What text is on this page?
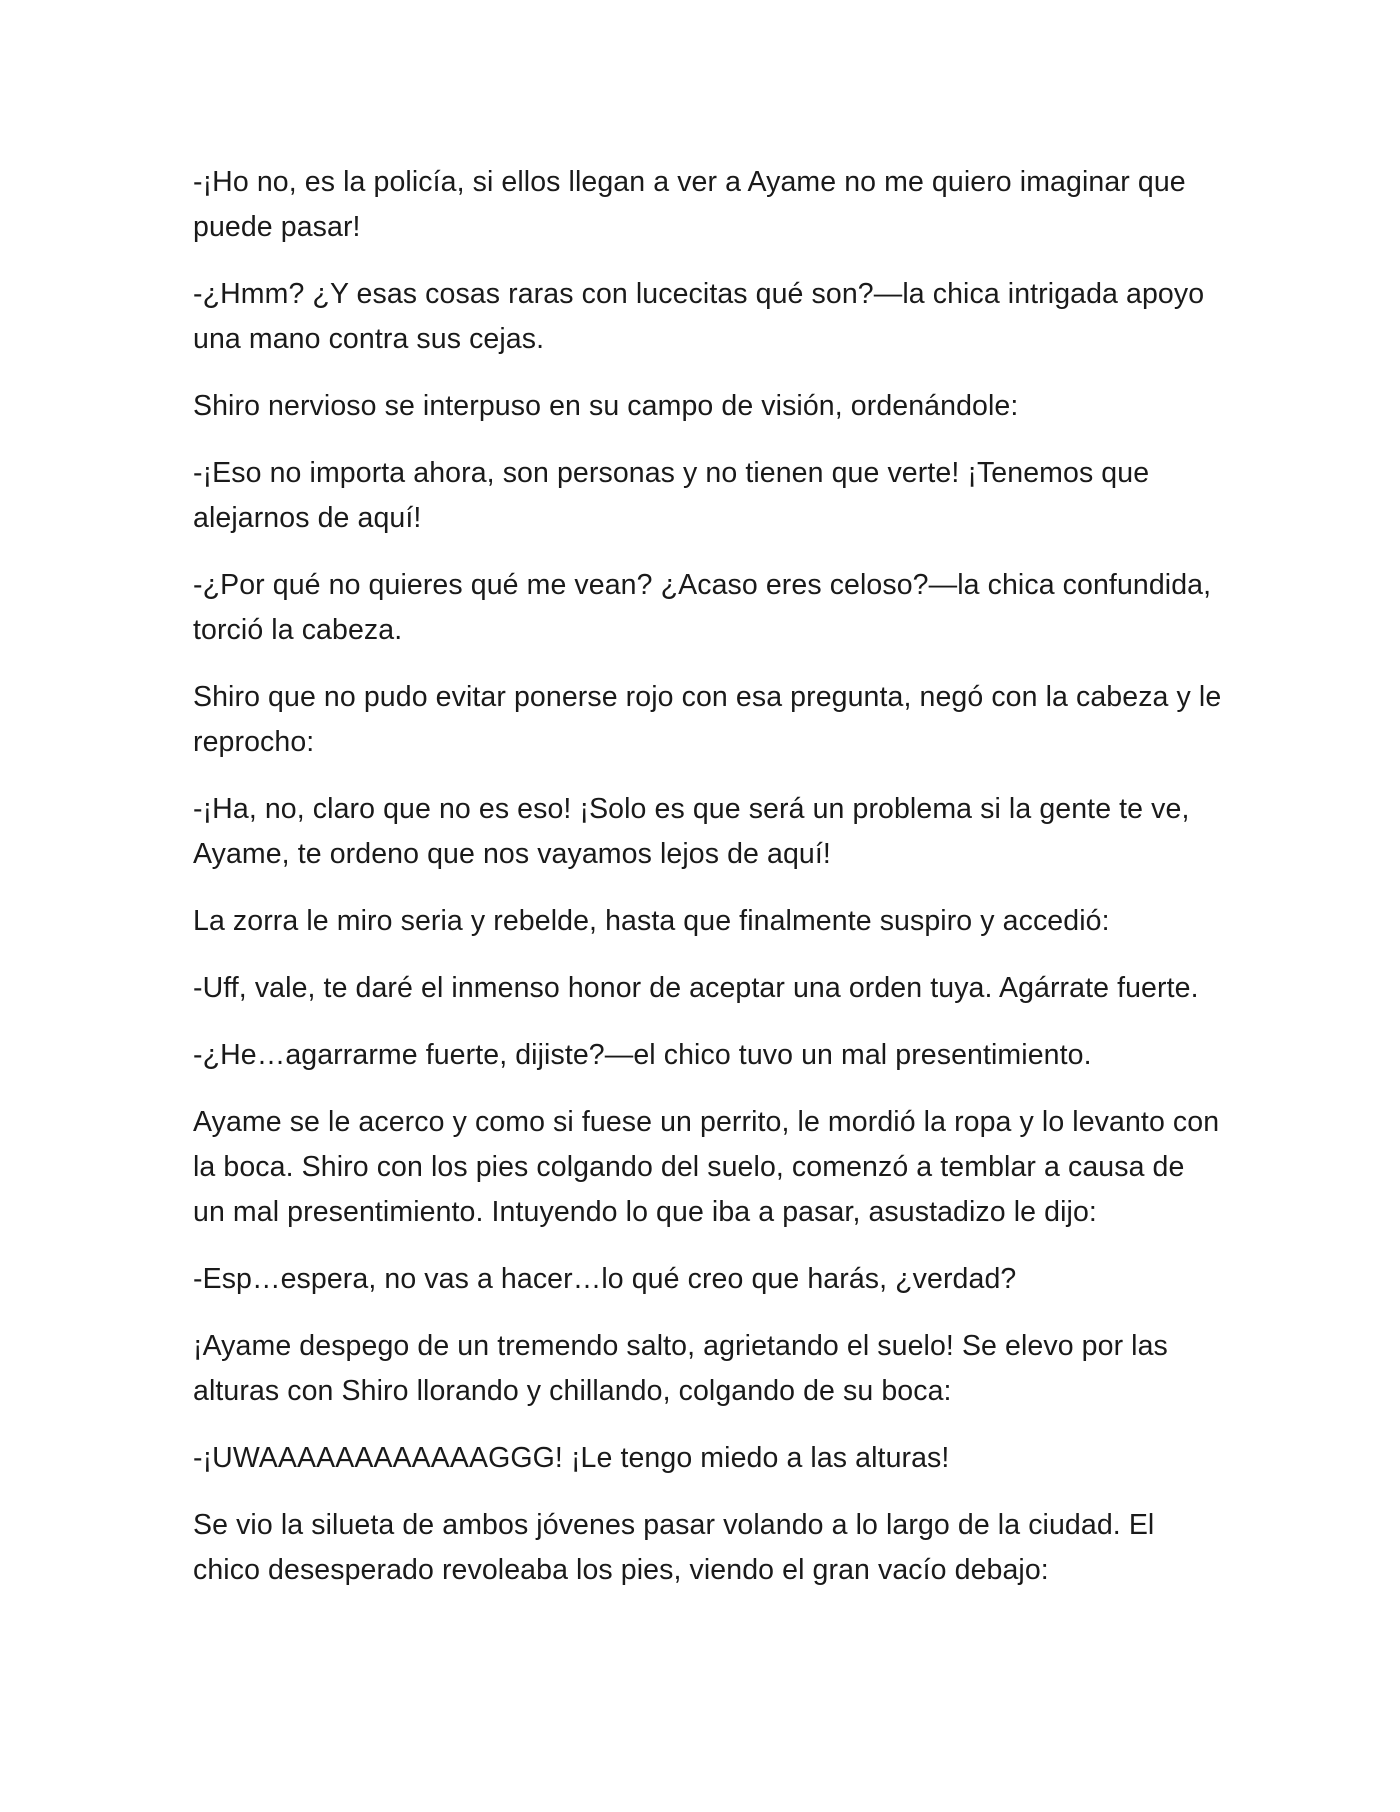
-¡Ho no, es la policía, si ellos llegan a ver a Ayame no me quiero imaginar que puede pasar!

-¿Hmm? ¿Y esas cosas raras con lucecitas qué son?—la chica intrigada apoyo una mano contra sus cejas.

Shiro nervioso se interpuso en su campo de visión, ordenándole:

-¡Eso no importa ahora, son personas y no tienen que verte! ¡Tenemos que alejarnos de aquí!

-¿Por qué no quieres qué me vean? ¿Acaso eres celoso?—la chica confundida, torció la cabeza.

Shiro que no pudo evitar ponerse rojo con esa pregunta, negó con la cabeza y le reprocho:

-¡Ha, no, claro que no es eso! ¡Solo es que será un problema si la gente te ve, Ayame, te ordeno que nos vayamos lejos de aquí!

La zorra le miro seria y rebelde, hasta que finalmente suspiro y accedió:

-Uff, vale, te daré el inmenso honor de aceptar una orden tuya. Agárrate fuerte.

-¿He…agarrarme fuerte, dijiste?—el chico tuvo un mal presentimiento.

Ayame se le acerco y como si fuese un perrito, le mordió la ropa y lo levanto con la boca. Shiro con los pies colgando del suelo, comenzó a temblar a causa de un mal presentimiento. Intuyendo lo que iba a pasar, asustadizo le dijo:

-Esp…espera, no vas a hacer…lo qué creo que harás, ¿verdad?

¡Ayame despego de un tremendo salto, agrietando el suelo! Se elevo por las alturas con Shiro llorando y chillando, colgando de su boca:

-¡UWAAAAAAAAAAAAGGG! ¡Le tengo miedo a las alturas!

Se vio la silueta de ambos jóvenes pasar volando a lo largo de la ciudad. El chico desesperado revoleaba los pies, viendo el gran vacío debajo:
